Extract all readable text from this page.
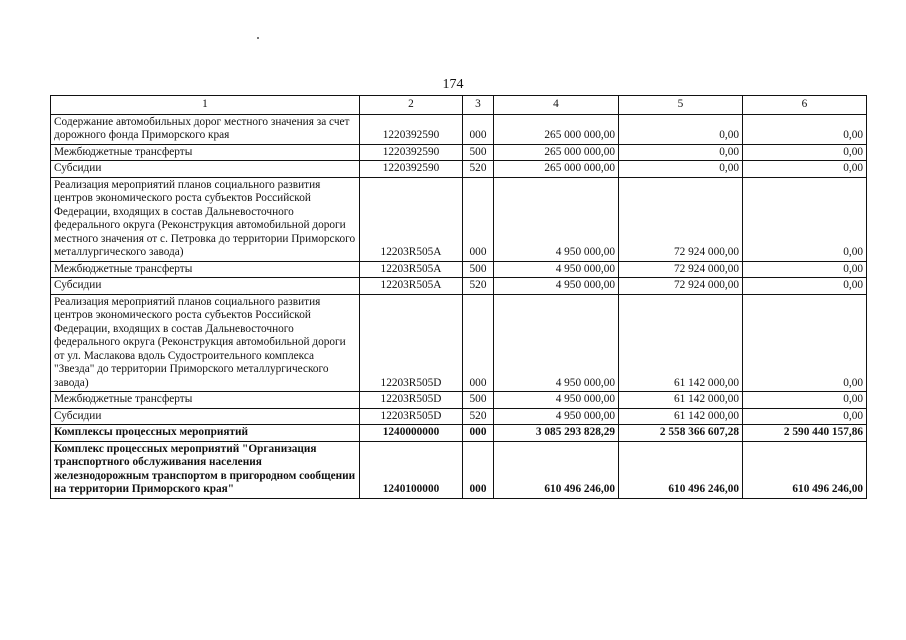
174
1	2	3	4	5	6
Содержание автомобильных дорог местного значения за счет дорожного фонда Приморского края	1220392590	000	265 000 000,00	0,00	0,00
Межбюджетные трансферты	1220392590	500	265 000 000,00	0,00	0,00
Субсидии	1220392590	520	265 000 000,00	0,00	0,00
Реализация мероприятий планов социального развития центров экономического роста субъектов Российской Федерации, входящих в состав Дальневосточного федерального округа (Реконструкция автомобильной дороги местного значения от с. Петровка до территории Приморского металлургического завода)	12203R505A	000	4 950 000,00	72 924 000,00	0,00
Межбюджетные трансферты	12203R505A	500	4 950 000,00	72 924 000,00	0,00
Субсидии	12203R505A	520	4 950 000,00	72 924 000,00	0,00
Реализация мероприятий планов социального развития центров экономического роста субъектов Российской Федерации, входящих в состав Дальневосточного федерального округа (Реконструкция автомобильной дороги от ул. Маслакова вдоль Судостроительного комплекса "Звезда" до территории Приморского металлургического завода)	12203R505D	000	4 950 000,00	61 142 000,00	0,00
Межбюджетные трансферты	12203R505D	500	4 950 000,00	61 142 000,00	0,00
Субсидии	12203R505D	520	4 950 000,00	61 142 000,00	0,00
Комплексы процессных мероприятий	1240000000	000	3 085 293 828,29	2 558 366 607,28	2 590 440 157,86
Комплекс процессных мероприятий "Организация транспортного обслуживания населения железнодорожным транспортом в пригородном сообщении на территории Приморского края"	1240100000	000	610 496 246,00	610 496 246,00	610 496 246,00
